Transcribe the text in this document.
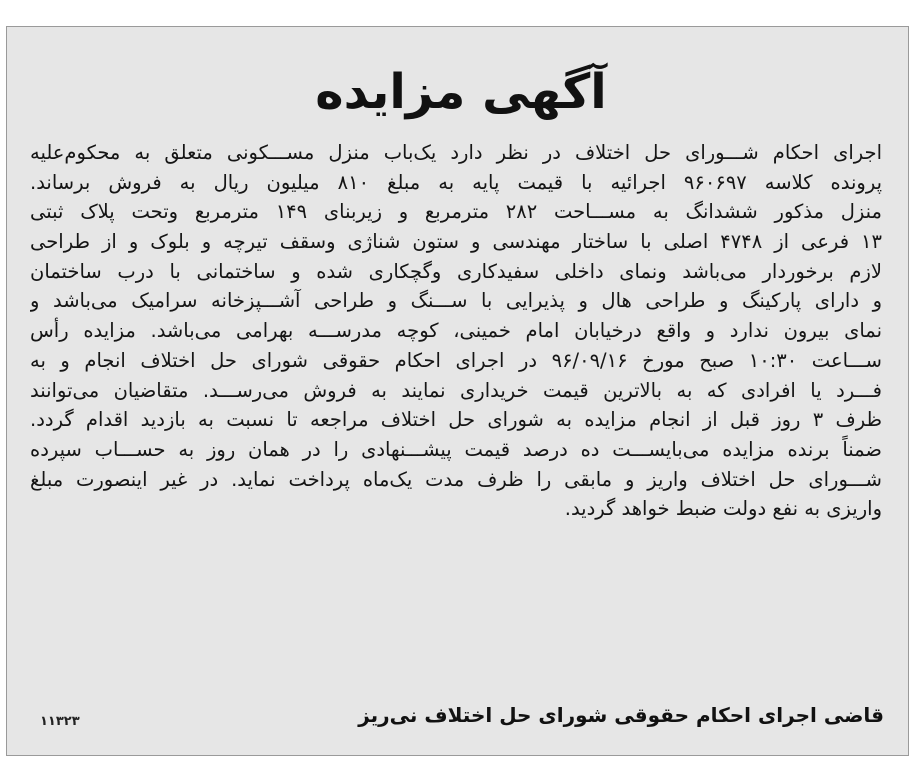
آگهی مزایده
اجرای احکام شـــورای حل اختلاف در نظر دارد یک‌باب منزل مســـکونی متعلق به محکوم‌علیه
پرونده کلاسه ۹۶۰۶۹۷ اجرائیه با قیمت پایه به مبلغ ۸۱۰ میلیون ریال به فروش برساند.
منزل مذکور ششدانگ به مســـاحت ۲۸۲ مترمربع و زیربنای ۱۴۹ مترمربع وتحت پلاک ثبتی
۱۳ فرعی از ۴۷۴۸ اصلی با ساختار مهندسی و ستون شناژی وسقف تیرچه و بلوک و از طراحی
لازم برخوردار می‌باشد ونمای داخلی سفیدکاری وگچکاری شده و ساختمانی با درب ساختمان
و دارای پارکینگ و طراحی هال و پذیرایی با ســـنگ و طراحی آشـــپزخانه سرامیک می‌باشد و
نمای بیرون ندارد و واقع درخیابان امام خمینی، کوچه مدرســـه بهرامی می‌باشد. مزایده رأس
ســـاعت ۱۰:۳۰ صبح مورخ ۹۶/۰۹/۱۶ در اجرای احکام حقوقی شورای حل اختلاف انجام و به
فـــرد یا افرادی که به بالاترین قیمت خریداری نمایند به فروش می‌رســـد. متقاضیان می‌توانند
ظرف ۳ روز قبل از انجام مزایده به شورای حل اختلاف مراجعه تا نسبت به بازدید اقدام گردد.
ضمناً برنده مزایده می‌بایســـت ده درصد قیمت پیشـــنهادی را در همان روز به حســـاب سپرده
شـــورای حل اختلاف واریز و مابقی را ظرف مدت یک‌ماه پرداخت نماید. در غیر اینصورت مبلغ
واریزی به نفع دولت ضبط خواهد گردید.
قاضی اجرای احکام حقوقی شورای حل اختلاف نی‌ریز
۱۱۳۲۳
